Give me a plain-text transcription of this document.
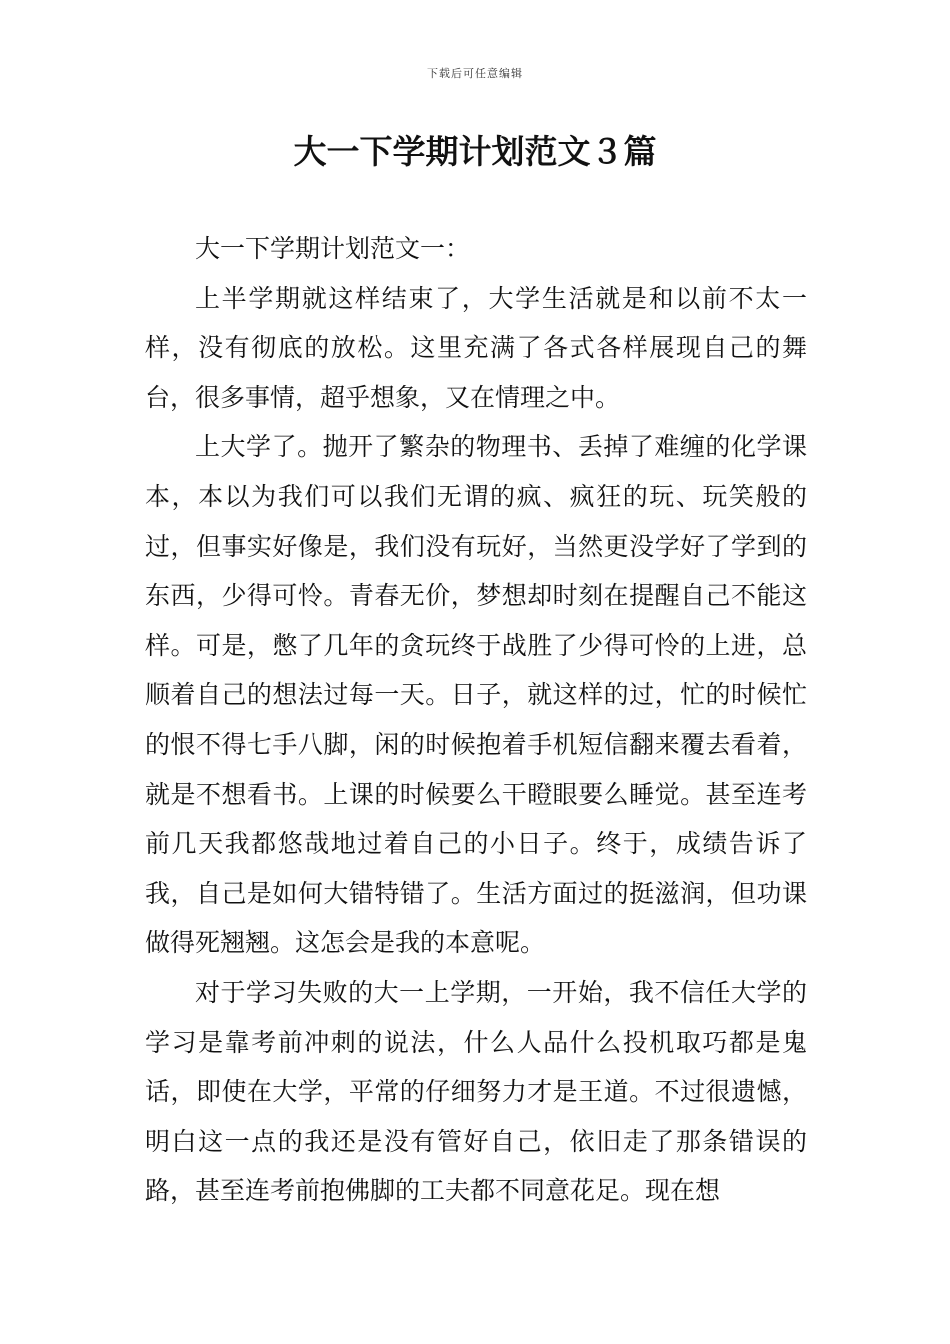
下载后可任意编辑
大一下学期计划范文３篇

大一下学期计划范文一：

上半学期就这样结束了，大学生活就是和以前不太一样，没有彻底的放松。这里充满了各式各样展现自己的舞台，很多事情，超乎想象，又在情理之中。

上大学了。抛开了繁杂的物理书、丢掉了难缠的化学课本，本以为我们可以我们无谓的疯、疯狂的玩、玩笑般的过，但事实好像是，我们没有玩好，当然更没学好了学到的东西，少得可怜。青春无价，梦想却时刻在提醒自己不能这样。可是，憋了几年的贪玩终于战胜了少得可怜的上进，总顺着自己的想法过每一天。日子，就这样的过，忙的时候忙的恨不得七手八脚，闲的时候抱着手机短信翻来覆去看着，就是不想看书。上课的时候要么干瞪眼要么睡觉。甚至连考前几天我都悠哉地过着自己的小日子。终于，成绩告诉了我，自己是如何大错特错了。生活方面过的挺滋润，但功课做得死翘翘。这怎会是我的本意呢。

对于学习失败的大一上学期，一开始，我不信任大学的学习是靠考前冲刺的说法，什么人品什么投机取巧都是鬼话，即使在大学，平常的仔细努力才是王道。不过很遗憾，明白这一点的我还是没有管好自己，依旧走了那条错误的路，甚至连考前抱佛脚的工夫都不同意花足。现在想
